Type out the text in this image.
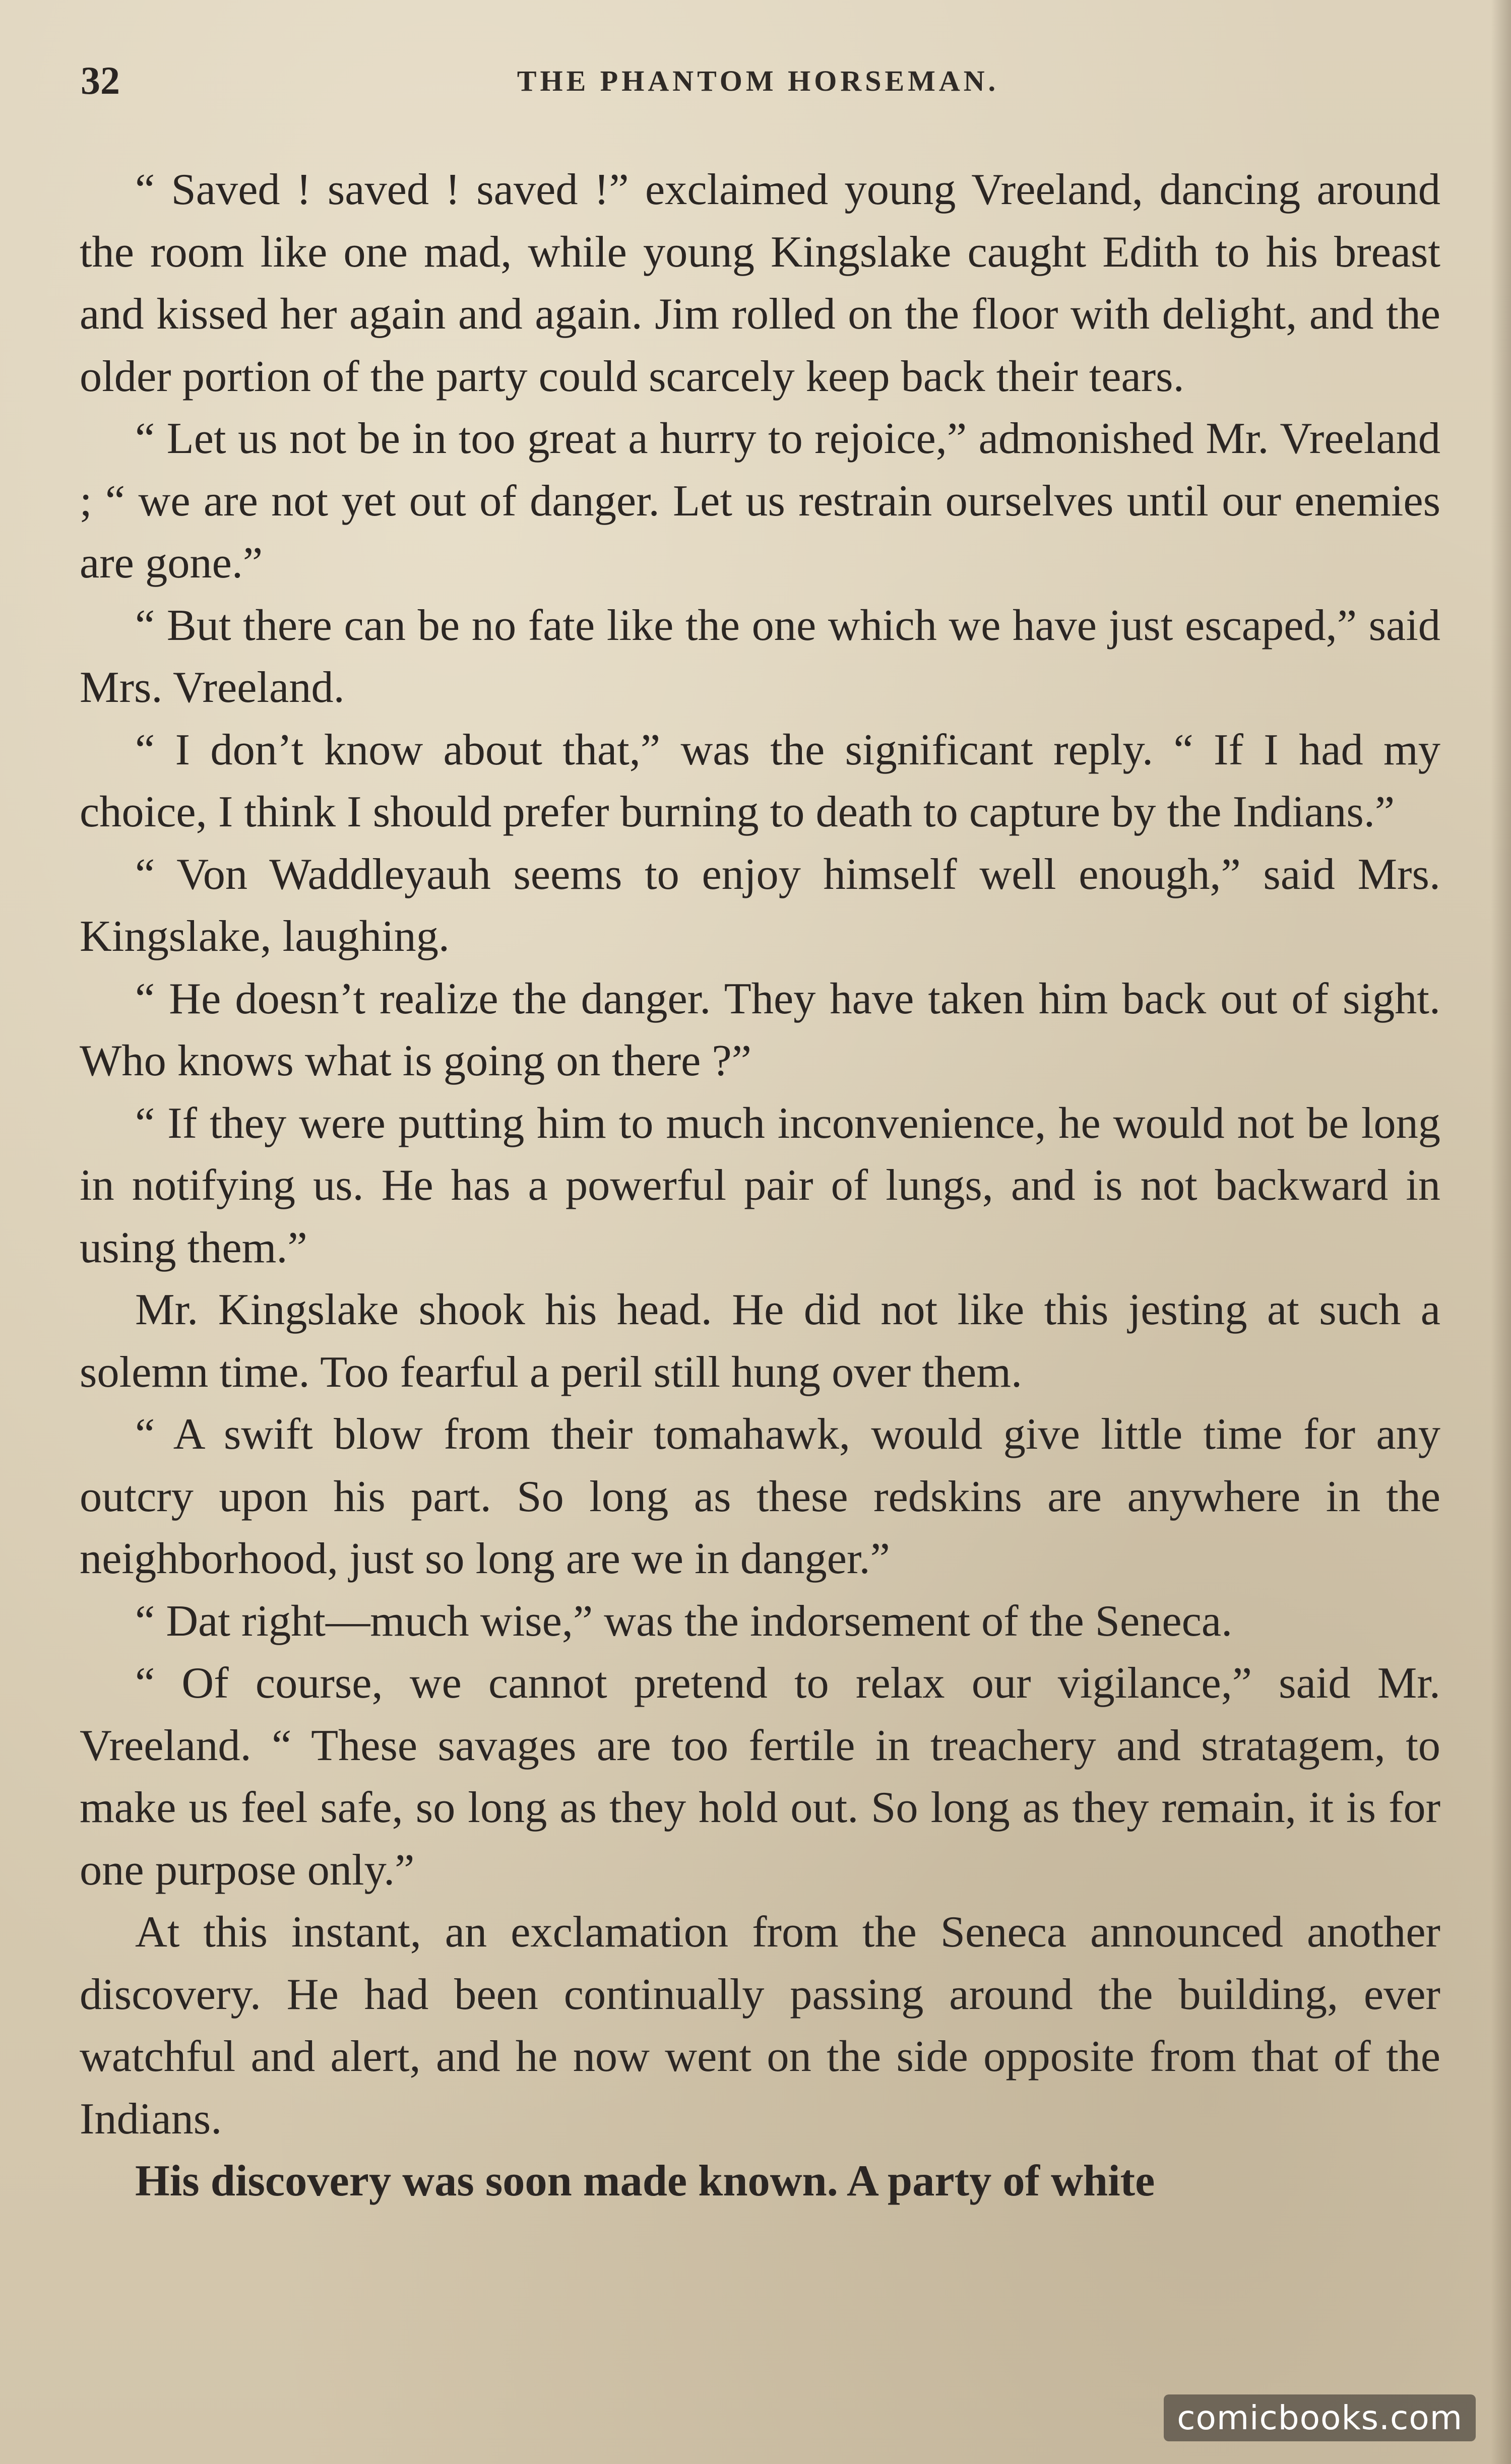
32	THE PHANTOM HORSEMAN.

“ Saved ! saved ! saved !” exclaimed young Vreeland, dancing around the room like one mad, while young Kingslake caught Edith to his breast and kissed her again and again. Jim rolled on the floor with delight, and the older portion of the party could scarcely keep back their tears.

“ Let us not be in too great a hurry to rejoice,” admonished Mr. Vreeland ; “ we are not yet out of danger. Let us restrain ourselves until our enemies are gone.”

“ But there can be no fate like the one which we have just escaped,” said Mrs. Vreeland.

“ I don’t know about that,” was the significant reply. “ If I had my choice, I think I should prefer burning to death to capture by the Indians.”

“ Von Waddleyauh seems to enjoy himself well enough,” said Mrs. Kingslake, laughing.

“ He doesn’t realize the danger. They have taken him back out of sight. Who knows what is going on there ?”

“ If they were putting him to much inconvenience, he would not be long in notifying us. He has a powerful pair of lungs, and is not backward in using them.”

Mr. Kingslake shook his head. He did not like this jesting at such a solemn time. Too fearful a peril still hung over them.

“ A swift blow from their tomahawk, would give little time for any outcry upon his part. So long as these redskins are anywhere in the neighborhood, just so long are we in danger.”

“ Dat right—much wise,” was the indorsement of the Seneca.

“ Of course, we cannot pretend to relax our vigilance,” said Mr. Vreeland. “ These savages are too fertile in treachery and stratagem, to make us feel safe, so long as they hold out. So long as they remain, it is for one purpose only.”

At this instant, an exclamation from the Seneca announced another discovery. He had been continually passing around the building, ever watchful and alert, and he now went on the side opposite from that of the Indians.

His discovery was soon made known. A party of white

comicbooks.com
